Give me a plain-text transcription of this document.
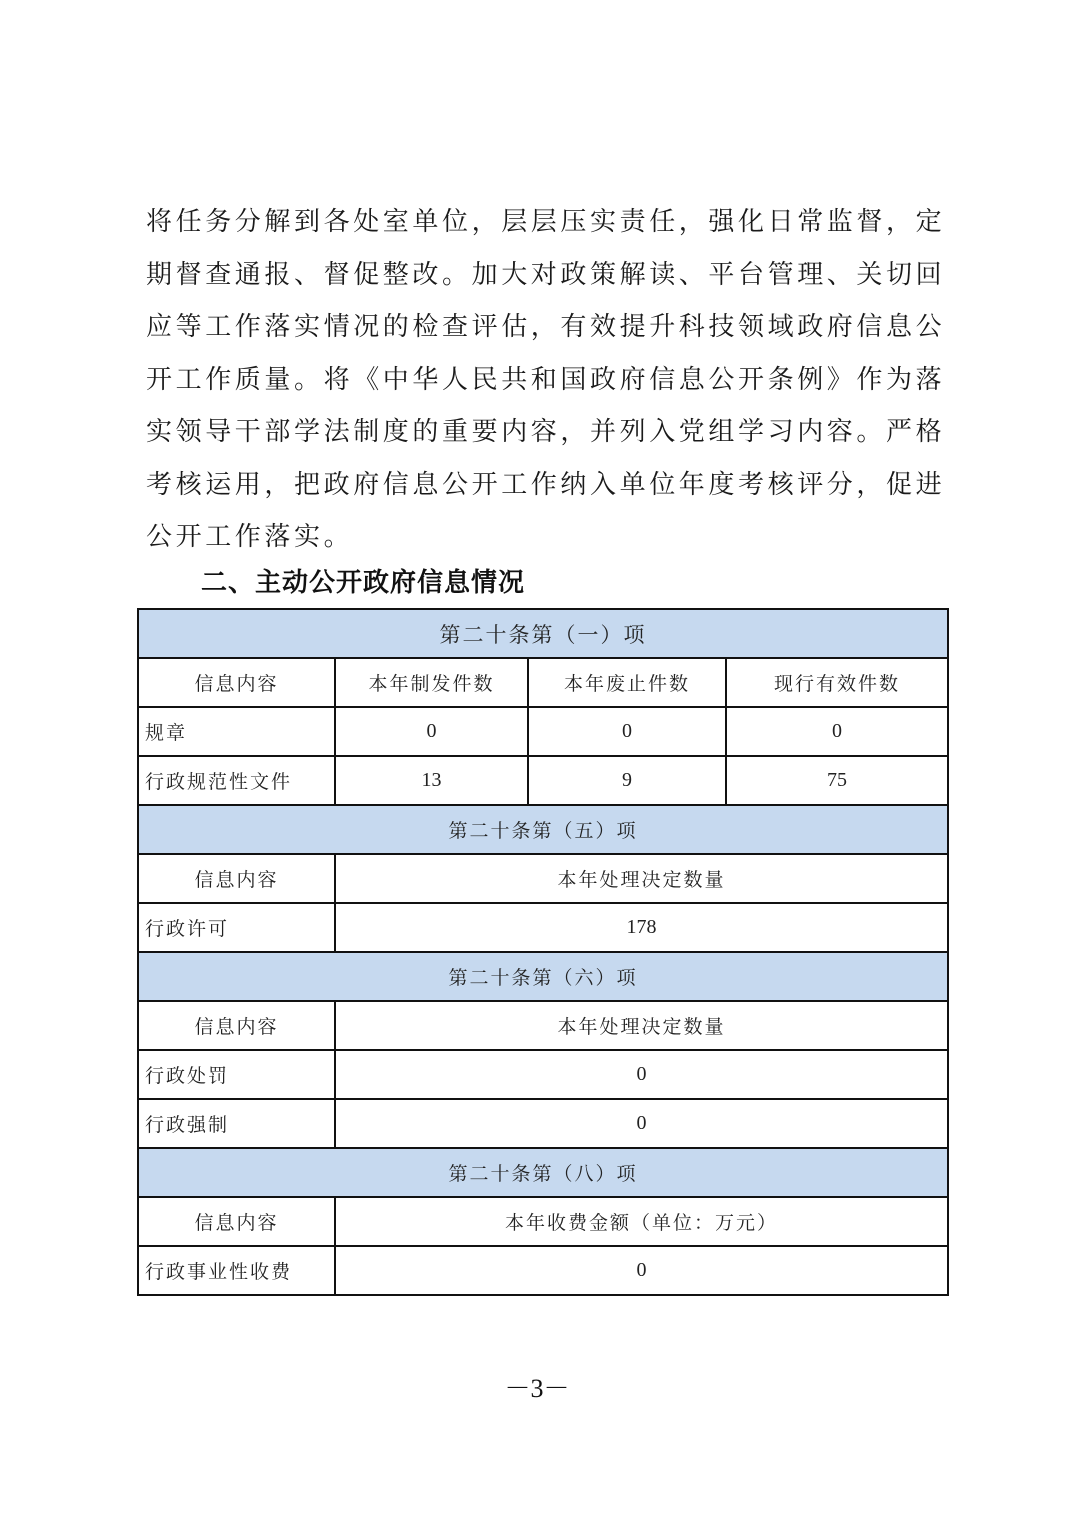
将任务分解到各处室单位，层层压实责任，强化日常监督，定
期督查通报、督促整改。加大对政策解读、平台管理、关切回
应等工作落实情况的检查评估，有效提升科技领域政府信息公
开工作质量。将《中华人民共和国政府信息公开条例》作为落
实领导干部学法制度的重要内容，并列入党组学习内容。严格
考核运用，把政府信息公开工作纳入单位年度考核评分，促进
公开工作落实。
二、主动公开政府信息情况
第二十条第（一）项			
信息内容	本年制发件数	本年废止件数	现行有效件数
规章	0	0	0
行政规范性文件	13	9	75
第二十条第（五）项			
信息内容	本年处理决定数量		
行政许可	178		
第二十条第（六）项			
信息内容	本年处理决定数量		
行政处罚	0		
行政强制	0		
第二十条第（八）项			
信息内容	本年收费金额（单位：万元）		
行政事业性收费	0		
－3－
